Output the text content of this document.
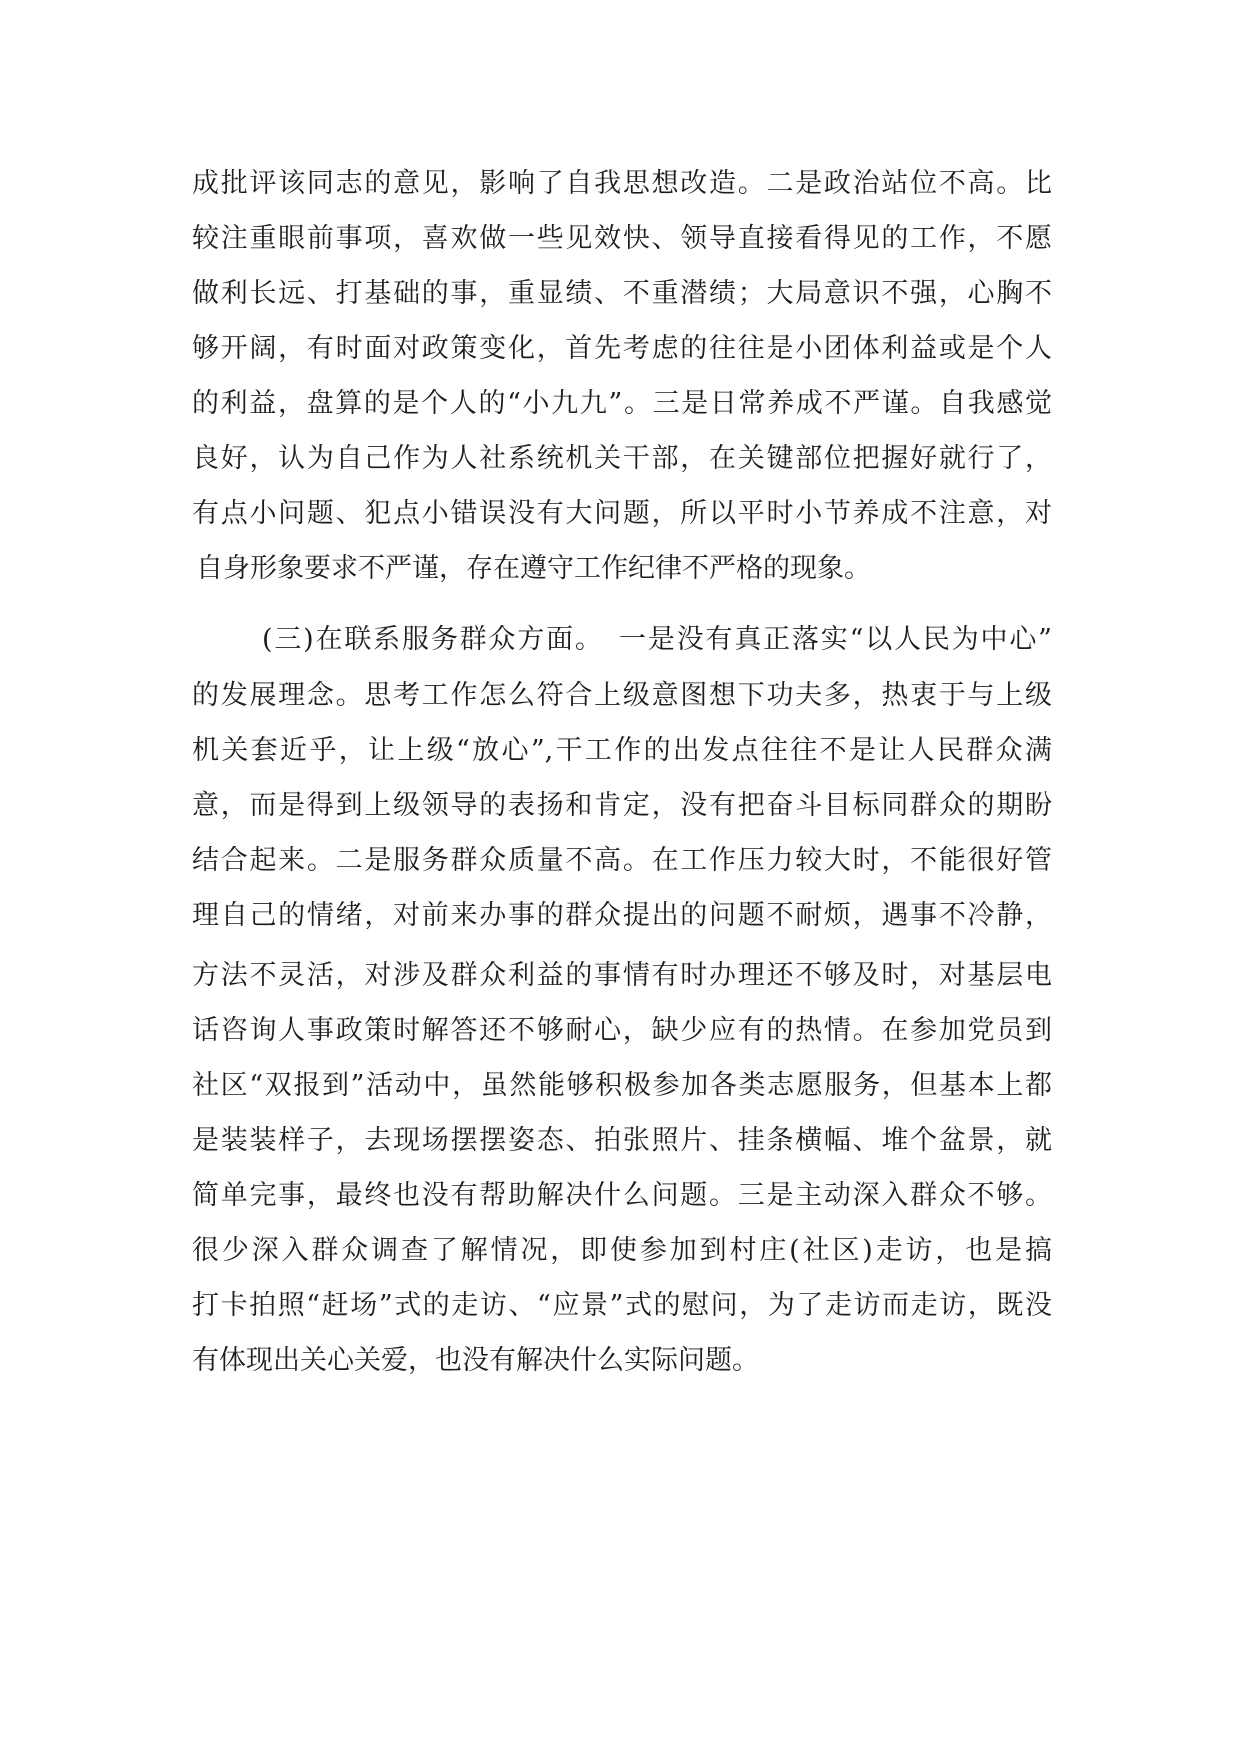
成批评该同志的意见，影响了自我思想改造。二是政治站位不高。比
较注重眼前事项，喜欢做一些见效快、领导直接看得见的工作，不愿
做利长远、打基础的事，重显绩、不重潜绩；大局意识不强，心胸不
够开阔，有时面对政策变化，首先考虑的往往是小团体利益或是个人
的利益，盘算的是个人的“小九九”。三是日常养成不严谨。自我感觉
良好，认为自己作为人社系统机关干部，在关键部位把握好就行了，
有点小问题、犯点小错误没有大问题，所以平时小节养成不注意，对
自身形象要求不严谨，存在遵守工作纪律不严格的现象。
(三)在联系服务群众方面。　一是没有真正落实“以人民为中心”
的发展理念。思考工作怎么符合上级意图想下功夫多，热衷于与上级
机关套近乎，让上级“放心”,干工作的出发点往往不是让人民群众满
意，而是得到上级领导的表扬和肯定，没有把奋斗目标同群众的期盼
结合起来。二是服务群众质量不高。在工作压力较大时，不能很好管
理自己的情绪，对前来办事的群众提出的问题不耐烦，遇事不冷静，
方法不灵活，对涉及群众利益的事情有时办理还不够及时，对基层电
话咨询人事政策时解答还不够耐心，缺少应有的热情。在参加党员到
社区“双报到”活动中，虽然能够积极参加各类志愿服务，但基本上都
是装装样子，去现场摆摆姿态、拍张照片、挂条横幅、堆个盆景，就
简单完事，最终也没有帮助解决什么问题。三是主动深入群众不够。
很少深入群众调查了解情况，即使参加到村庄(社区)走访，也是搞
打卡拍照“赶场”式的走访、“应景”式的慰问，为了走访而走访，既没
有体现出关心关爱，也没有解决什么实际问题。
